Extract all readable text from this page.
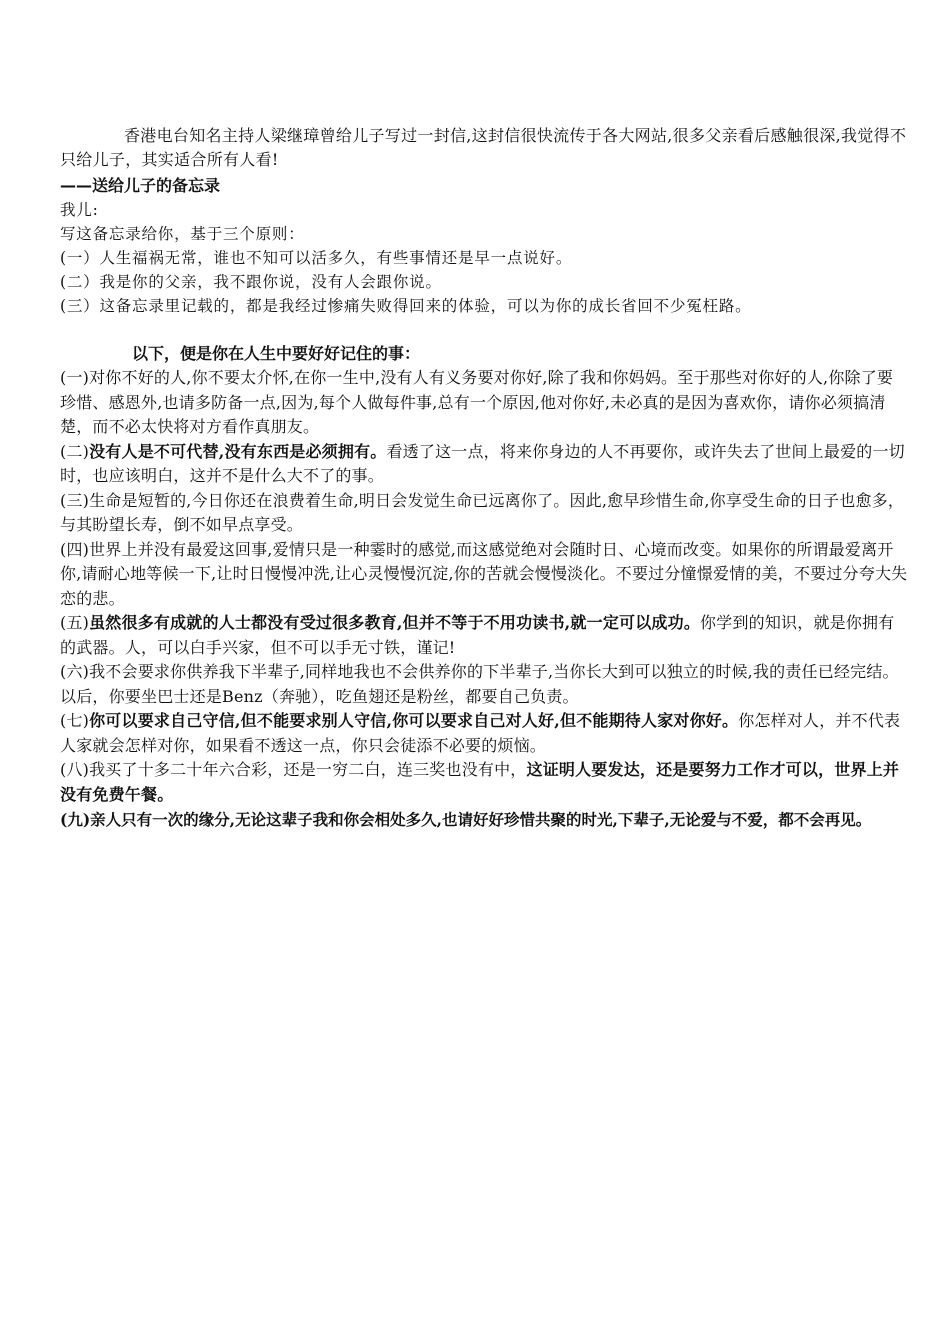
香港电台知名主持人梁继璋曾给儿子写过一封信,这封信很快流传于各大网站,很多父亲看后感触很深,我觉得不只给儿子，其实适合所有人看!

——送给儿子的备忘录

我儿:

写这备忘录给你，基于三个原则：

(一）人生福祸无常，谁也不知可以活多久，有些事情还是早一点说好。

(二）我是你的父亲，我不跟你说，没有人会跟你说。

(三）这备忘录里记载的，都是我经过惨痛失败得回来的体验，可以为你的成长省回不少冤枉路。

以下，便是你在人生中要好好记住的事：

(一)对你不好的人,你不要太介怀,在你一生中,没有人有义务要对你好,除了我和你妈妈。至于那些对你好的人,你除了要珍惜、感恩外,也请多防备一点,因为,每个人做每件事,总有一个原因,他对你好,未必真的是因为喜欢你，请你必须搞清楚，而不必太快将对方看作真朋友。

(二)没有人是不可代替,没有东西是必须拥有。看透了这一点，将来你身边的人不再要你，或许失去了世间上最爱的一切时，也应该明白，这并不是什么大不了的事。

(三)生命是短暂的,今日你还在浪费着生命,明日会发觉生命已远离你了。因此,愈早珍惜生命,你享受生命的日子也愈多，与其盼望长寿，倒不如早点享受。

(四)世界上并没有最爱这回事,爱情只是一种霎时的感觉,而这感觉绝对会随时日、心境而改变。如果你的所谓最爱离开你,请耐心地等候一下,让时日慢慢冲洗,让心灵慢慢沉淀,你的苦就会慢慢淡化。不要过分憧憬爱情的美，不要过分夸大失恋的悲。

(五)虽然很多有成就的人士都没有受过很多教育,但并不等于不用功读书,就一定可以成功。你学到的知识，就是你拥有的武器。人，可以白手兴家，但不可以手无寸铁，谨记!

(六)我不会要求你供养我下半辈子,同样地我也不会供养你的下半辈子,当你长大到可以独立的时候,我的责任已经完结。以后，你要坐巴士还是Benz（奔驰），吃鱼翅还是粉丝，都要自己负责。

(七)你可以要求自己守信,但不能要求别人守信,你可以要求自己对人好,但不能期待人家对你好。你怎样对人，并不代表人家就会怎样对你，如果看不透这一点，你只会徒添不必要的烦恼。

(八)我买了十多二十年六合彩，还是一穷二白，连三奖也没有中，这证明人要发达，还是要努力工作才可以，世界上并没有免费午餐。

(九)亲人只有一次的缘分,无论这辈子我和你会相处多久,也请好好珍惜共聚的时光,下辈子,无论爱与不爱，都不会再见。
